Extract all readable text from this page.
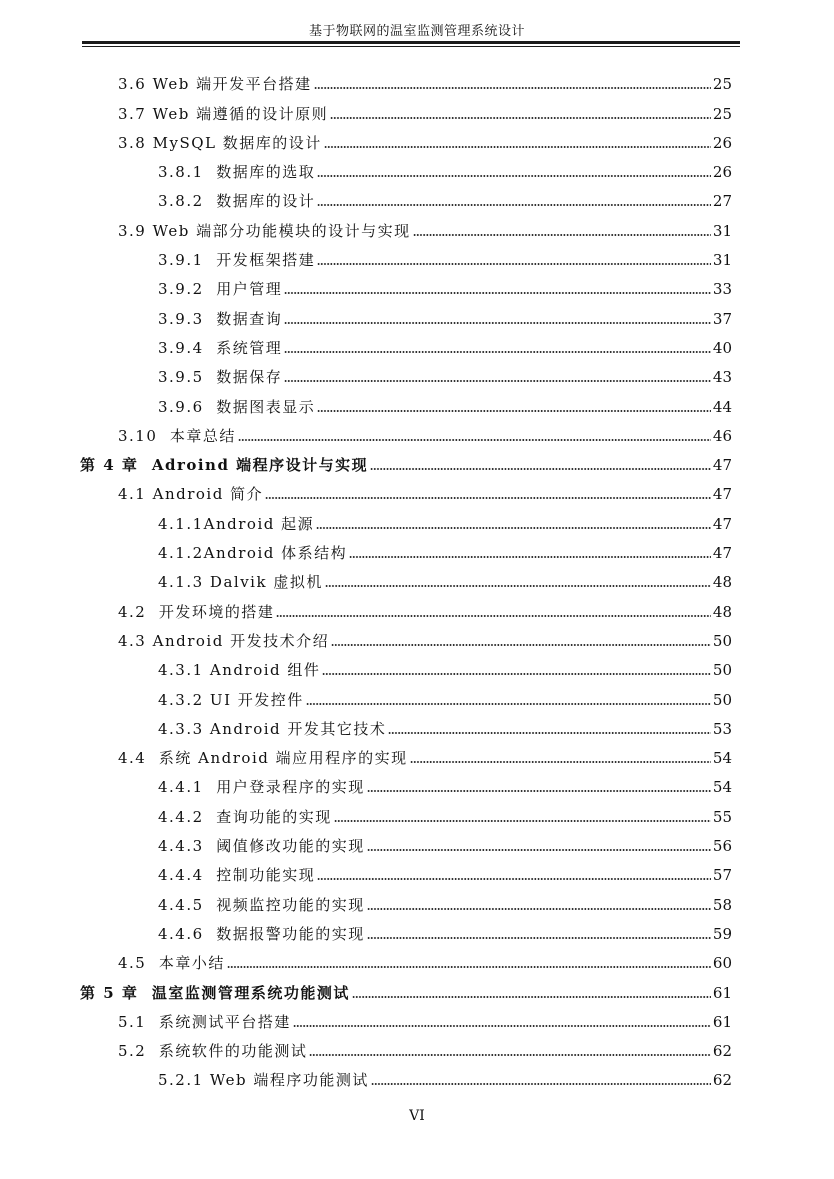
基于物联网的温室监测管理系统设计
3.6 Web 端开发平台搭建	25
3.7 Web 端遵循的设计原则	25
3.8 MySQL 数据库的设计	26
3.8.1  数据库的选取	26
3.8.2  数据库的设计	27
3.9 Web 端部分功能模块的设计与实现	31
3.9.1  开发框架搭建	31
3.9.2  用户管理	33
3.9.3  数据查询	37
3.9.4  系统管理	40
3.9.5  数据保存	43
3.9.6  数据图表显示	44
3.10  本章总结	46
第 4 章  Adroind 端程序设计与实现	47
4.1 Android 简介	47
4.1.1Android 起源	47
4.1.2Android 体系结构	47
4.1.3 Dalvik 虚拟机	48
4.2  开发环境的搭建	48
4.3 Android 开发技术介绍	50
4.3.1 Android 组件	50
4.3.2 UI 开发控件	50
4.3.3 Android 开发其它技术	53
4.4  系统 Android 端应用程序的实现	54
4.4.1  用户登录程序的实现	54
4.4.2  查询功能的实现	55
4.4.3  阈值修改功能的实现	56
4.4.4  控制功能实现	57
4.4.5  视频监控功能的实现	58
4.4.6  数据报警功能的实现	59
4.5  本章小结	60
第 5 章  温室监测管理系统功能测试	61
5.1  系统测试平台搭建	61
5.2  系统软件的功能测试	62
5.2.1 Web 端程序功能测试	62
VI
